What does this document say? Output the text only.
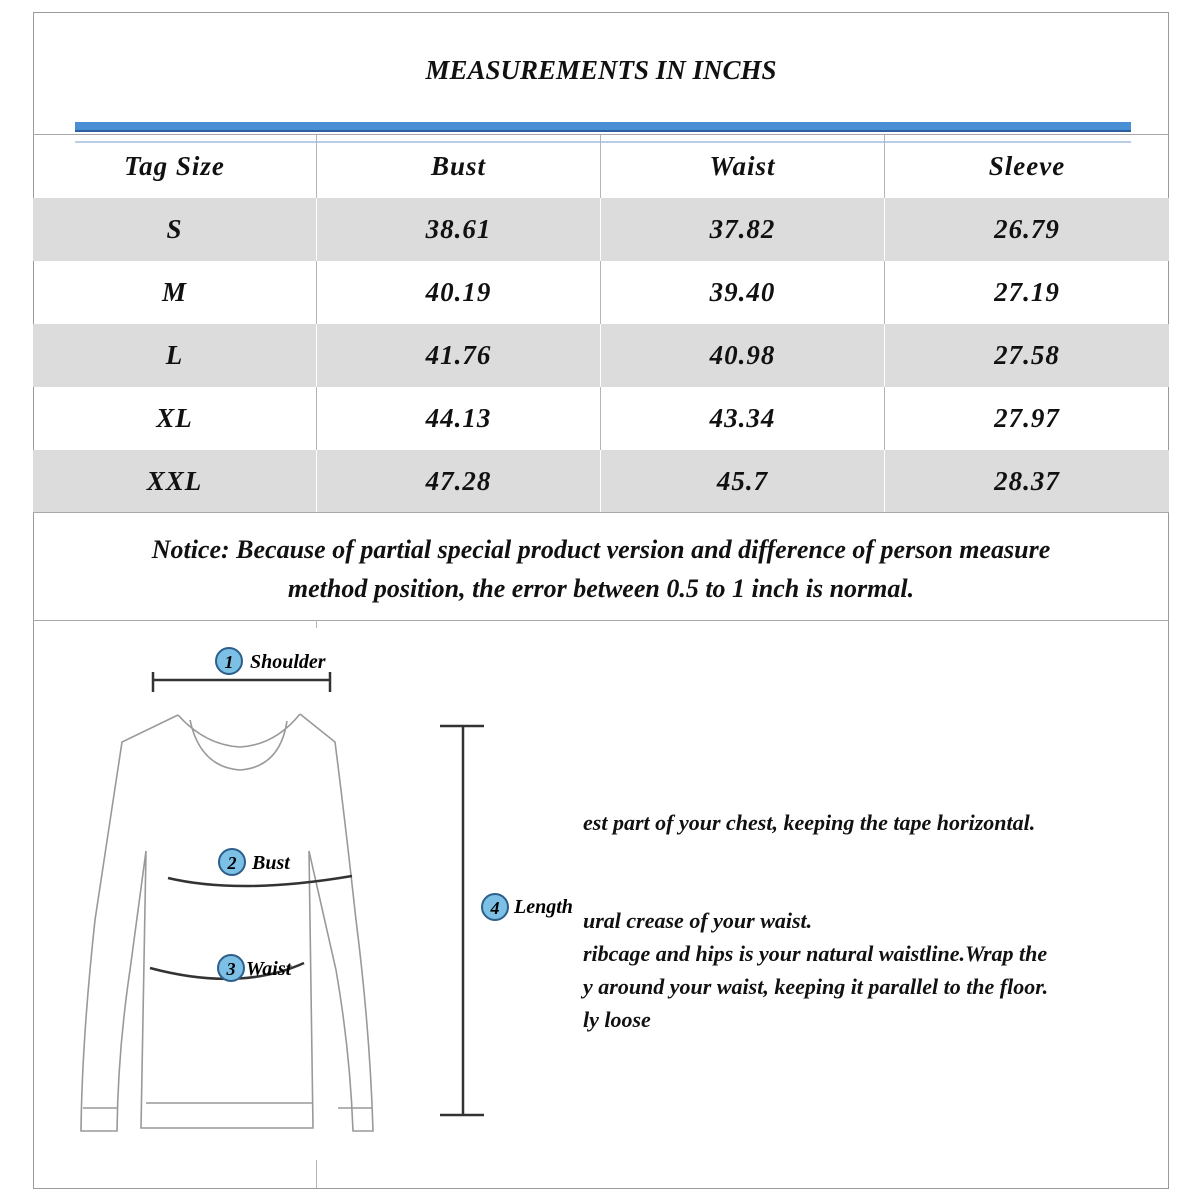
MEASUREMENTS IN INCHS
Tag Size	Bust	Waist	Sleeve
S	38.61	37.82	26.79
M	40.19	39.40	27.19
L	41.76	40.98	27.58
XL	44.13	43.34	27.97
XXL	47.28	45.7	28.37
Notice: Because of partial special product version and difference of person measure
method position, the error between 0.5 to 1 inch is normal.
1 Shoulder
2 Bust
3 Waist
4 Length
est part of your chest, keeping the tape horizontal.
ural crease of your waist.
ribcage and hips is your natural waistline.Wrap the
y around your waist, keeping it parallel to the floor.
ly loose
